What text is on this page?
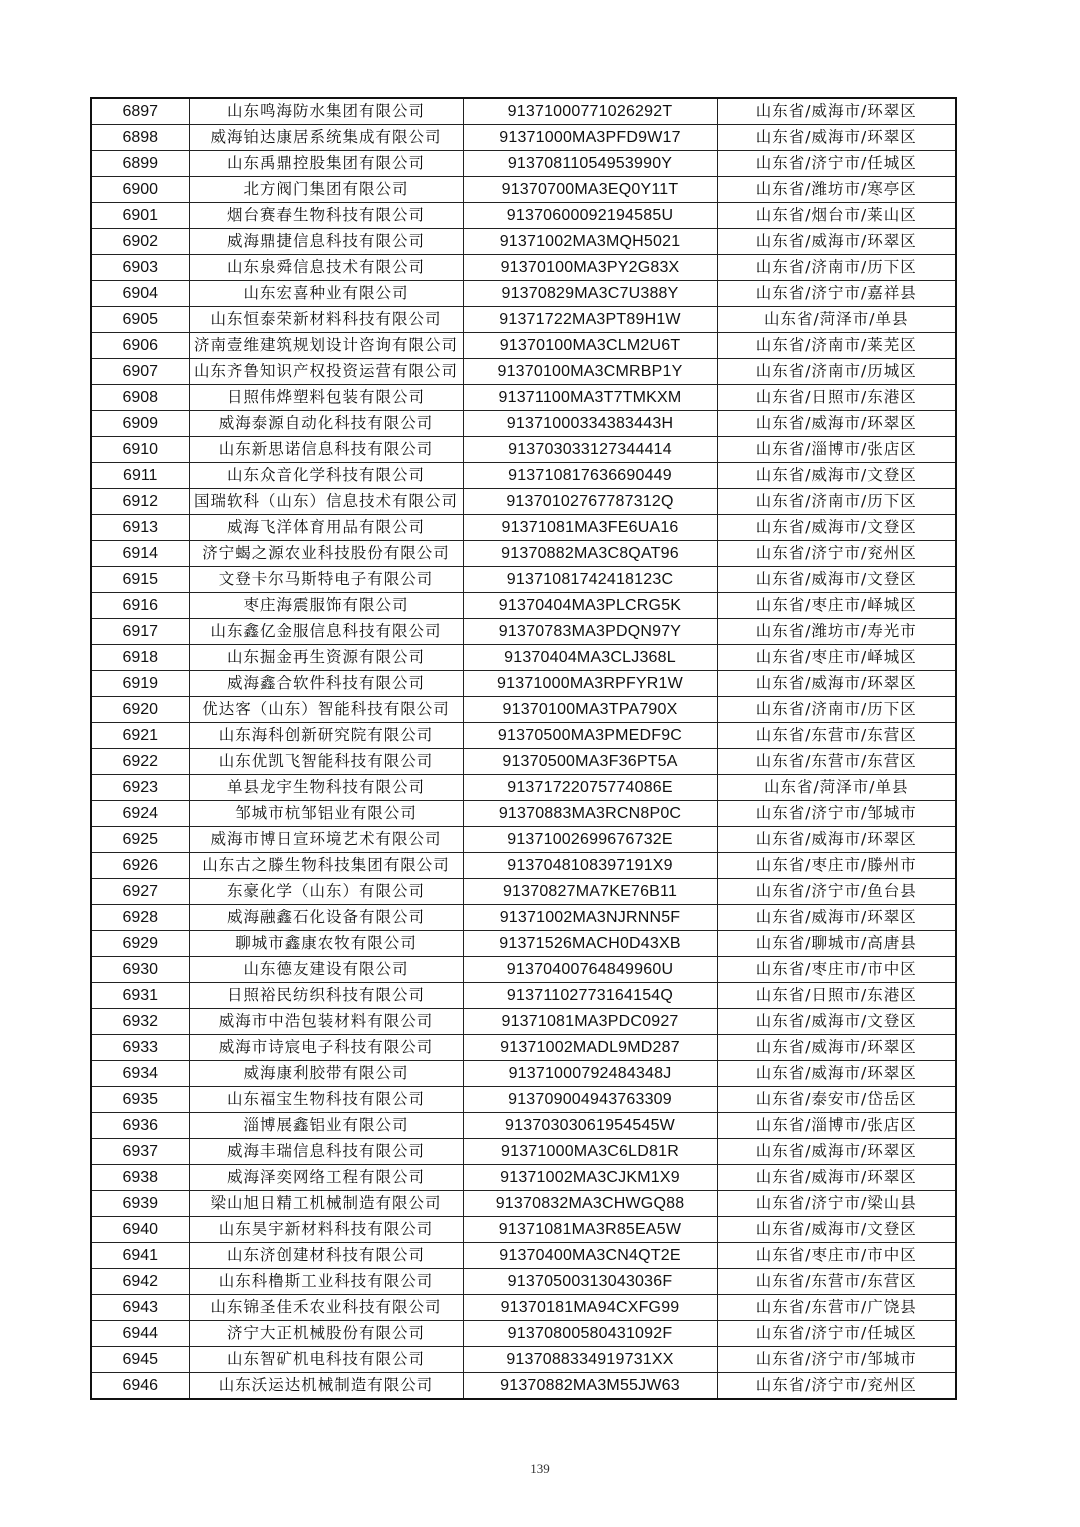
6897	山东鸣海防水集团有限公司	91371000771026292T	山东省/威海市/环翠区
6898	威海铂达康居系统集成有限公司	91371000MA3PFD9W17	山东省/威海市/环翠区
6899	山东禹鼎控股集团有限公司	91370811054953990Y	山东省/济宁市/任城区
6900	北方阀门集团有限公司	91370700MA3EQ0Y11T	山东省/潍坊市/寒亭区
6901	烟台赛春生物科技有限公司	91370600092194585U	山东省/烟台市/莱山区
6902	威海鼎捷信息科技有限公司	91371002MA3MQH5021	山东省/威海市/环翠区
6903	山东泉舜信息技术有限公司	91370100MA3PY2G83X	山东省/济南市/历下区
6904	山东宏喜种业有限公司	91370829MA3C7U388Y	山东省/济宁市/嘉祥县
6905	山东恒泰荣新材料科技有限公司	91371722MA3PT89H1W	山东省/菏泽市/单县
6906	济南壹维建筑规划设计咨询有限公司	91370100MA3CLM2U6T	山东省/济南市/莱芜区
6907	山东齐鲁知识产权投资运营有限公司	91370100MA3CMRBP1Y	山东省/济南市/历城区
6908	日照伟烨塑料包装有限公司	91371100MA3T7TMKXM	山东省/日照市/东港区
6909	威海泰源自动化科技有限公司	91371000334383443H	山东省/威海市/环翠区
6910	山东新思诺信息科技有限公司	913703033127344414	山东省/淄博市/张店区
6911	山东众音化学科技有限公司	913710817636690449	山东省/威海市/文登区
6912	国瑞软科（山东）信息技术有限公司	91370102767787312Q	山东省/济南市/历下区
6913	威海飞洋体育用品有限公司	91371081MA3FE6UA16	山东省/威海市/文登区
6914	济宁蝎之源农业科技股份有限公司	91370882MA3C8QAT96	山东省/济宁市/兖州区
6915	文登卡尔马斯特电子有限公司	91371081742418123C	山东省/威海市/文登区
6916	枣庄海震服饰有限公司	91370404MA3PLCRG5K	山东省/枣庄市/峄城区
6917	山东鑫亿金服信息科技有限公司	91370783MA3PDQN97Y	山东省/潍坊市/寿光市
6918	山东掘金再生资源有限公司	91370404MA3CLJ368L	山东省/枣庄市/峄城区
6919	威海鑫合软件科技有限公司	91371000MA3RPFYR1W	山东省/威海市/环翠区
6920	优达客（山东）智能科技有限公司	91370100MA3TPA790X	山东省/济南市/历下区
6921	山东海科创新研究院有限公司	91370500MA3PMEDF9C	山东省/东营市/东营区
6922	山东优凯飞智能科技有限公司	91370500MA3F36PT5A	山东省/东营市/东营区
6923	单县龙宇生物科技有限公司	91371722075774086E	山东省/菏泽市/单县
6924	邹城市杭邹铝业有限公司	91370883MA3RCN8P0C	山东省/济宁市/邹城市
6925	威海市博日宣环境艺术有限公司	91371002699676732E	山东省/威海市/环翠区
6926	山东古之滕生物科技集团有限公司	9137048108397191X9	山东省/枣庄市/滕州市
6927	东豪化学（山东）有限公司	91370827MA7KE76B11	山东省/济宁市/鱼台县
6928	威海融鑫石化设备有限公司	91371002MA3NJRNN5F	山东省/威海市/环翠区
6929	聊城市鑫康农牧有限公司	91371526MACH0D43XB	山东省/聊城市/高唐县
6930	山东德友建设有限公司	91370400764849960U	山东省/枣庄市/市中区
6931	日照裕民纺织科技有限公司	91371102773164154Q	山东省/日照市/东港区
6932	威海市中浩包装材料有限公司	91371081MA3PDC0927	山东省/威海市/文登区
6933	威海市诗宸电子科技有限公司	91371002MADL9MD287	山东省/威海市/环翠区
6934	威海康利胶带有限公司	91371000792484348J	山东省/威海市/环翠区
6935	山东福宝生物科技有限公司	913709004943763309	山东省/泰安市/岱岳区
6936	淄博展鑫铝业有限公司	91370303061954545W	山东省/淄博市/张店区
6937	威海丰瑞信息科技有限公司	91371000MA3C6LD81R	山东省/威海市/环翠区
6938	威海泽奕网络工程有限公司	91371002MA3CJKM1X9	山东省/威海市/环翠区
6939	梁山旭日精工机械制造有限公司	91370832MA3CHWGQ88	山东省/济宁市/梁山县
6940	山东昊宇新材料科技有限公司	91371081MA3R85EA5W	山东省/威海市/文登区
6941	山东济创建材科技有限公司	91370400MA3CN4QT2E	山东省/枣庄市/市中区
6942	山东科橹斯工业科技有限公司	91370500313043036F	山东省/东营市/东营区
6943	山东锦圣佳禾农业科技有限公司	91370181MA94CXFG99	山东省/东营市/广饶县
6944	济宁大正机械股份有限公司	91370800580431092F	山东省/济宁市/任城区
6945	山东智矿机电科技有限公司	9137088334919731XX	山东省/济宁市/邹城市
6946	山东沃运达机械制造有限公司	91370882MA3M55JW63	山东省/济宁市/兖州区
139
